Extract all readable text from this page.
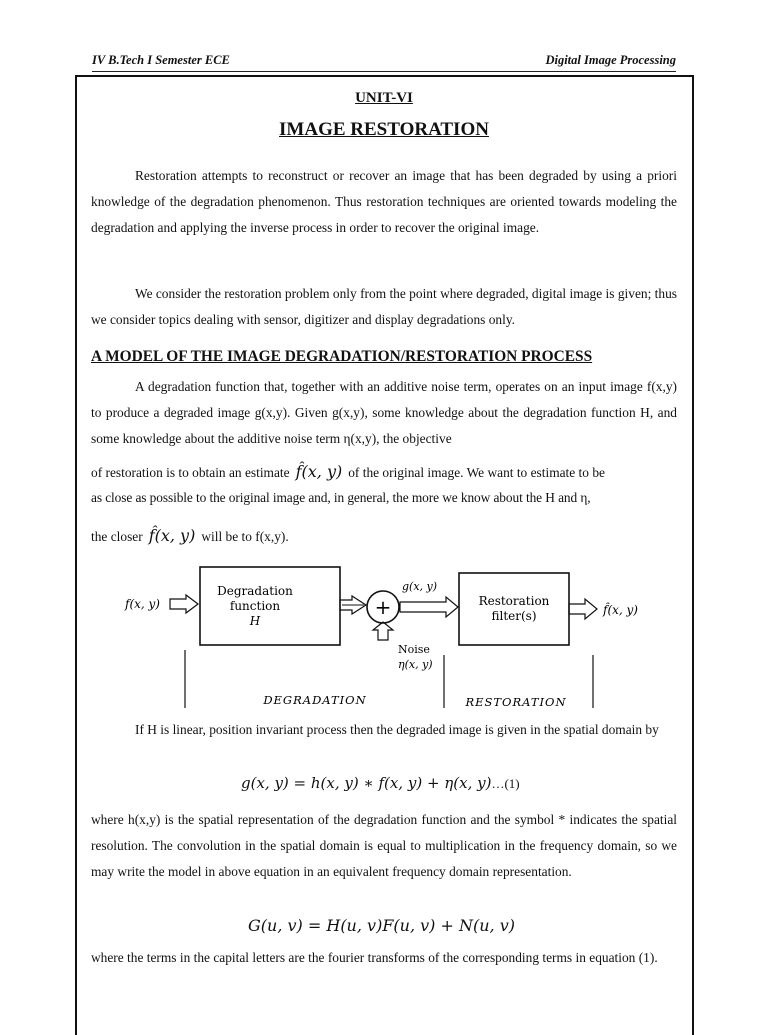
IV B.Tech I Semester ECE	Digital Image Processing
UNIT-VI
IMAGE RESTORATION
Restoration attempts to reconstruct or recover an image that has been degraded by using a priori knowledge of the degradation phenomenon. Thus restoration techniques are oriented towards modeling the degradation and applying the inverse process in order to recover the original image.
We consider the restoration problem only from the point where degraded, digital image is given; thus we consider topics dealing with sensor, digitizer and display degradations only.
A MODEL OF THE IMAGE DEGRADATION/RESTORATION PROCESS
A degradation function that, together with an additive noise term, operates on an input image f(x,y) to produce a degraded image g(x,y). Given g(x,y), some knowledge about the degradation function H, and some knowledge about the additive noise term η(x,y), the objective
of restoration is to obtain an estimate f̂(x, y) of the original image. We want to estimate to be
as close as possible to the original image and, in general, the more we know about the H and η,
the closer f̂(x, y) will be to f(x,y).
f(x, y)
Degradation
function
H
+
g(x, y)
Noise
η(x, y)
Restoration
filter(s)	f̂(x, y)
DEGRADATION	RESTORATION
If H is linear, position invariant process then the degraded image is given in the spatial domain by
g(x, y) = h(x, y) ∗ f(x, y) + η(x, y)…(1)
where h(x,y) is the spatial representation of the degradation function and the symbol * indicates the spatial resolution. The convolution in the spatial domain is equal to multiplication in the frequency domain, so we may write the model in above equation in an equivalent frequency domain representation.
G(u, v) = H(u, v)F(u, v) + N(u, v)
where the terms in the capital letters are the fourier transforms of the corresponding terms in equation (1).
